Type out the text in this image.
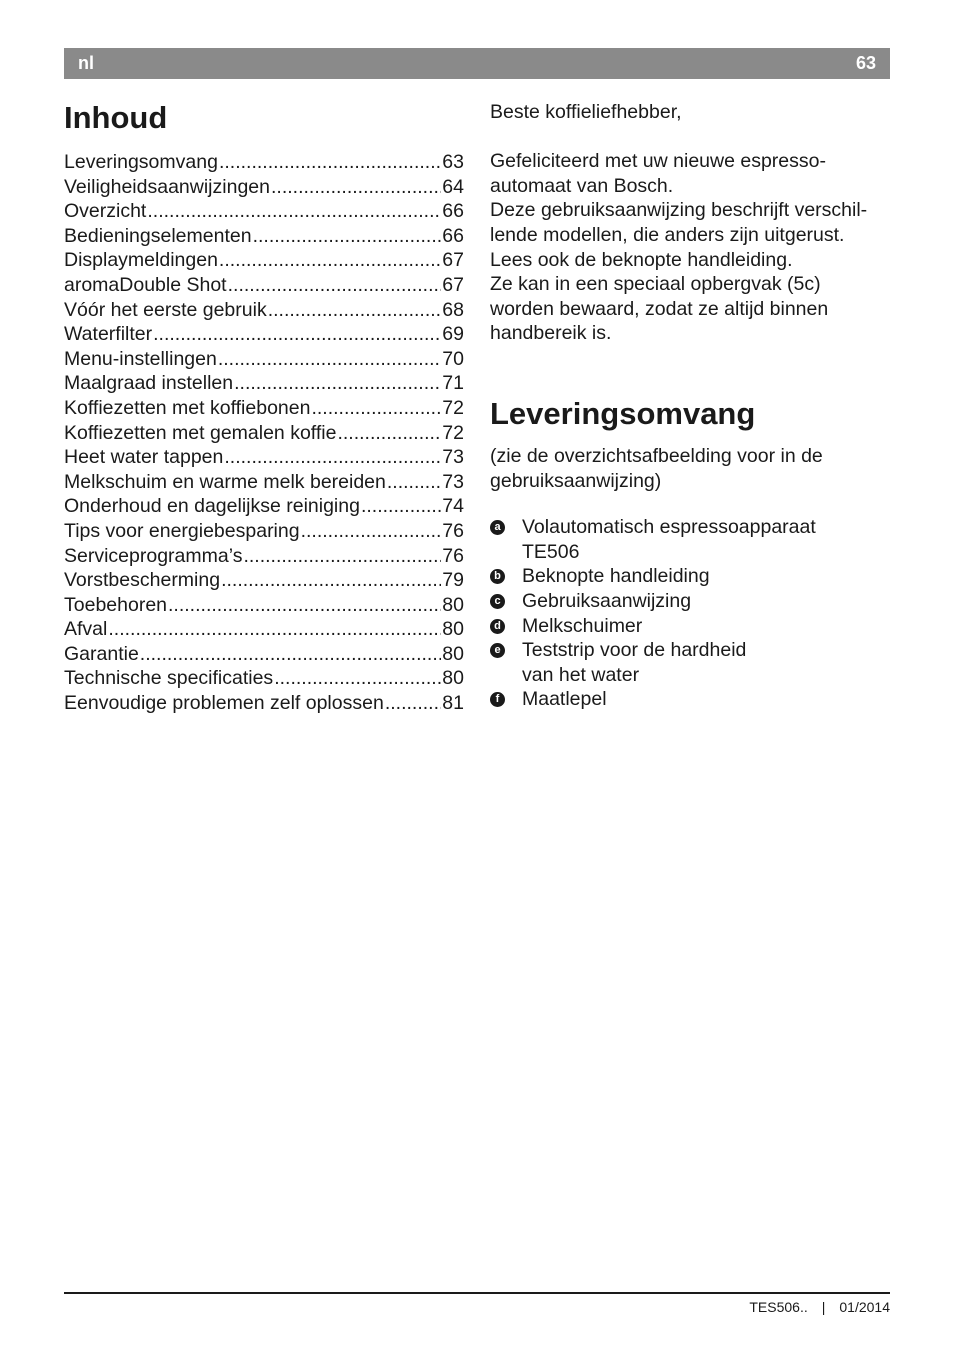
nl	63
Inhoud
Leveringsomvang .....	63
Veiligheidsaanwijzingen .....	64
Overzicht .....	66
Bedieningselementen .....	66
Displaymeldingen .....	67
aromaDouble Shot .....	67
Vóór het eerste gebruik .....	68
Waterfilter .....	69
Menu-instellingen .....	70
Maalgraad instellen .....	71
Koffiezetten met koffiebonen .....	72
Koffiezetten met gemalen koffie .....	72
Heet water tappen .....	73
Melkschuim en warme melk bereiden .....	73
Onderhoud en dagelijkse reiniging .....	74
Tips voor energiebesparing .....	76
Serviceprogramma’s .....	76
Vorstbescherming .....	79
Toebehoren .....	80
Afval .....	80
Garantie .....	80
Technische specificaties .....	80
Eenvoudige problemen zelf oplossen .....	81

Beste koffieliefhebber,

Gefeliciteerd met uw nieuwe espresso-

automaat van Bosch.

Deze gebruiksaanwijzing beschrijft verschil-

lende modellen, die anders zijn uitgerust.

Lees ook de beknopte handleiding.

Ze kan in een speciaal opbergvak (5c)

worden bewaard, zodat ze altijd binnen

handbereik is.

Leveringsomvang

(zie de overzichtsafbeelding voor in de

gebruiksaanwijzing)

a Volautomatisch espressoapparaat
TE506
b Beknopte handleiding
c Gebruiksaanwijzing
d Melkschuimer
e Teststrip voor de hardheid
van het water
f Maatlepel
TES506.. | 01/2014
